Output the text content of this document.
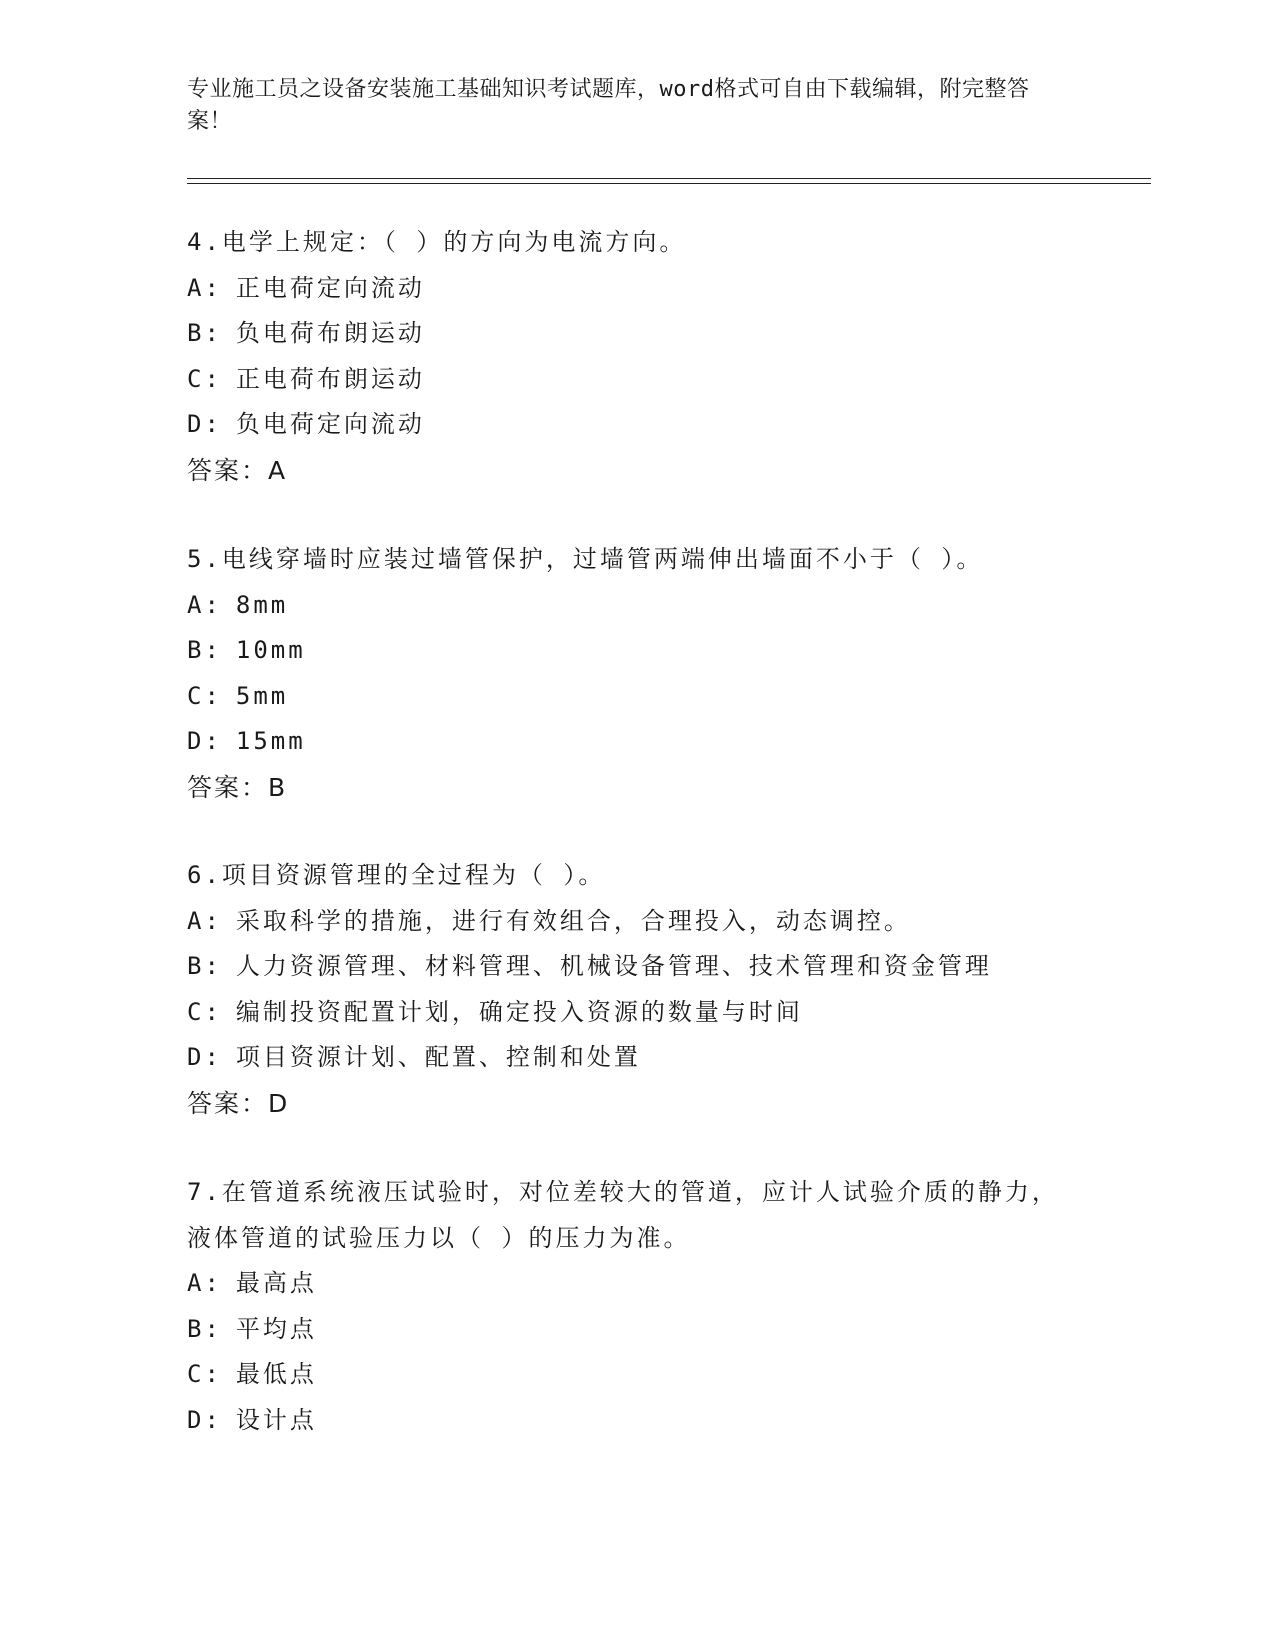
专业施工员之设备安装施工基础知识考试题库，word格式可自由下载编辑，附完整答案！

4.电学上规定：（ ）的方向为电流方向。

A: 正电荷定向流动

B: 负电荷布朗运动

C: 正电荷布朗运动

D: 负电荷定向流动

答案：A

5.电线穿墙时应装过墙管保护，过墙管两端伸出墙面不小于（ ）。

A: 8mm

B: 10mm

C: 5mm

D: 15mm

答案：B

6.项目资源管理的全过程为（ ）。

A: 采取科学的措施，进行有效组合，合理投入，动态调控。

B: 人力资源管理、材料管理、机械设备管理、技术管理和资金管理

C: 编制投资配置计划，确定投入资源的数量与时间

D: 项目资源计划、配置、控制和处置

答案：D

7.在管道系统液压试验时，对位差较大的管道，应计人试验介质的静力，液体管道的试验压力以（ ）的压力为准。

A: 最高点

B: 平均点

C: 最低点

D: 设计点
